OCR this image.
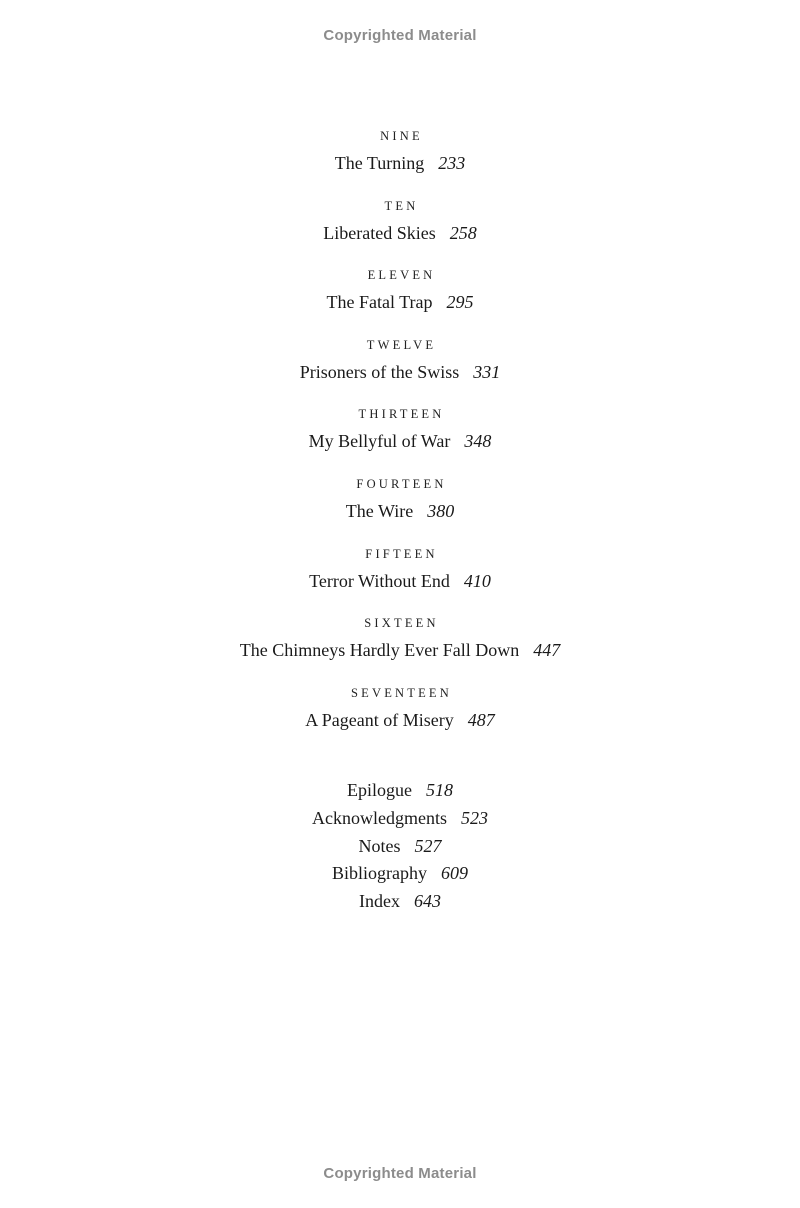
Copyrighted Material
NINE
The Turning 233
TEN
Liberated Skies 258
ELEVEN
The Fatal Trap 295
TWELVE
Prisoners of the Swiss 331
THIRTEEN
My Bellyful of War 348
FOURTEEN
The Wire 380
FIFTEEN
Terror Without End 410
SIXTEEN
The Chimneys Hardly Ever Fall Down 447
SEVENTEEN
A Pageant of Misery 487
Epilogue 518
Acknowledgments 523
Notes 527
Bibliography 609
Index 643
Copyrighted Material
